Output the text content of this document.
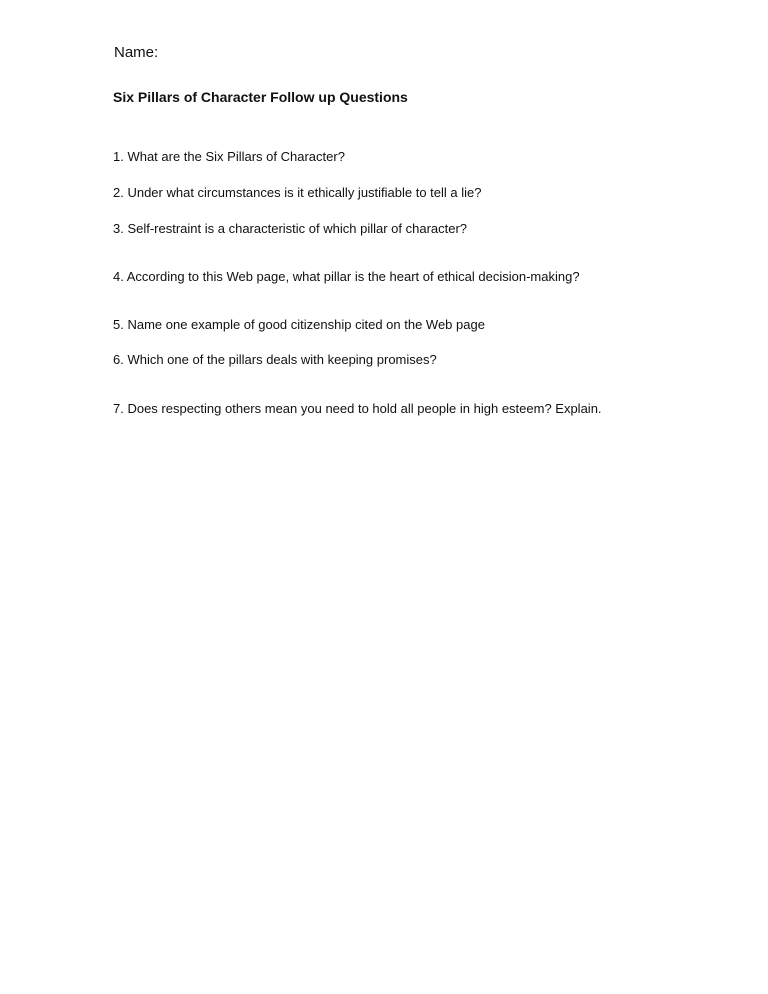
Name:
Six Pillars of Character Follow up Questions
1. What are the Six Pillars of Character?
2. Under what circumstances is it ethically justifiable to tell a lie?
3. Self-restraint is a characteristic of which pillar of character?
4. According to this Web page, what pillar is the heart of ethical decision-making?
5. Name one example of good citizenship cited on the Web page
6. Which one of the pillars deals with keeping promises?
7. Does respecting others mean you need to hold all people in high esteem? Explain.
